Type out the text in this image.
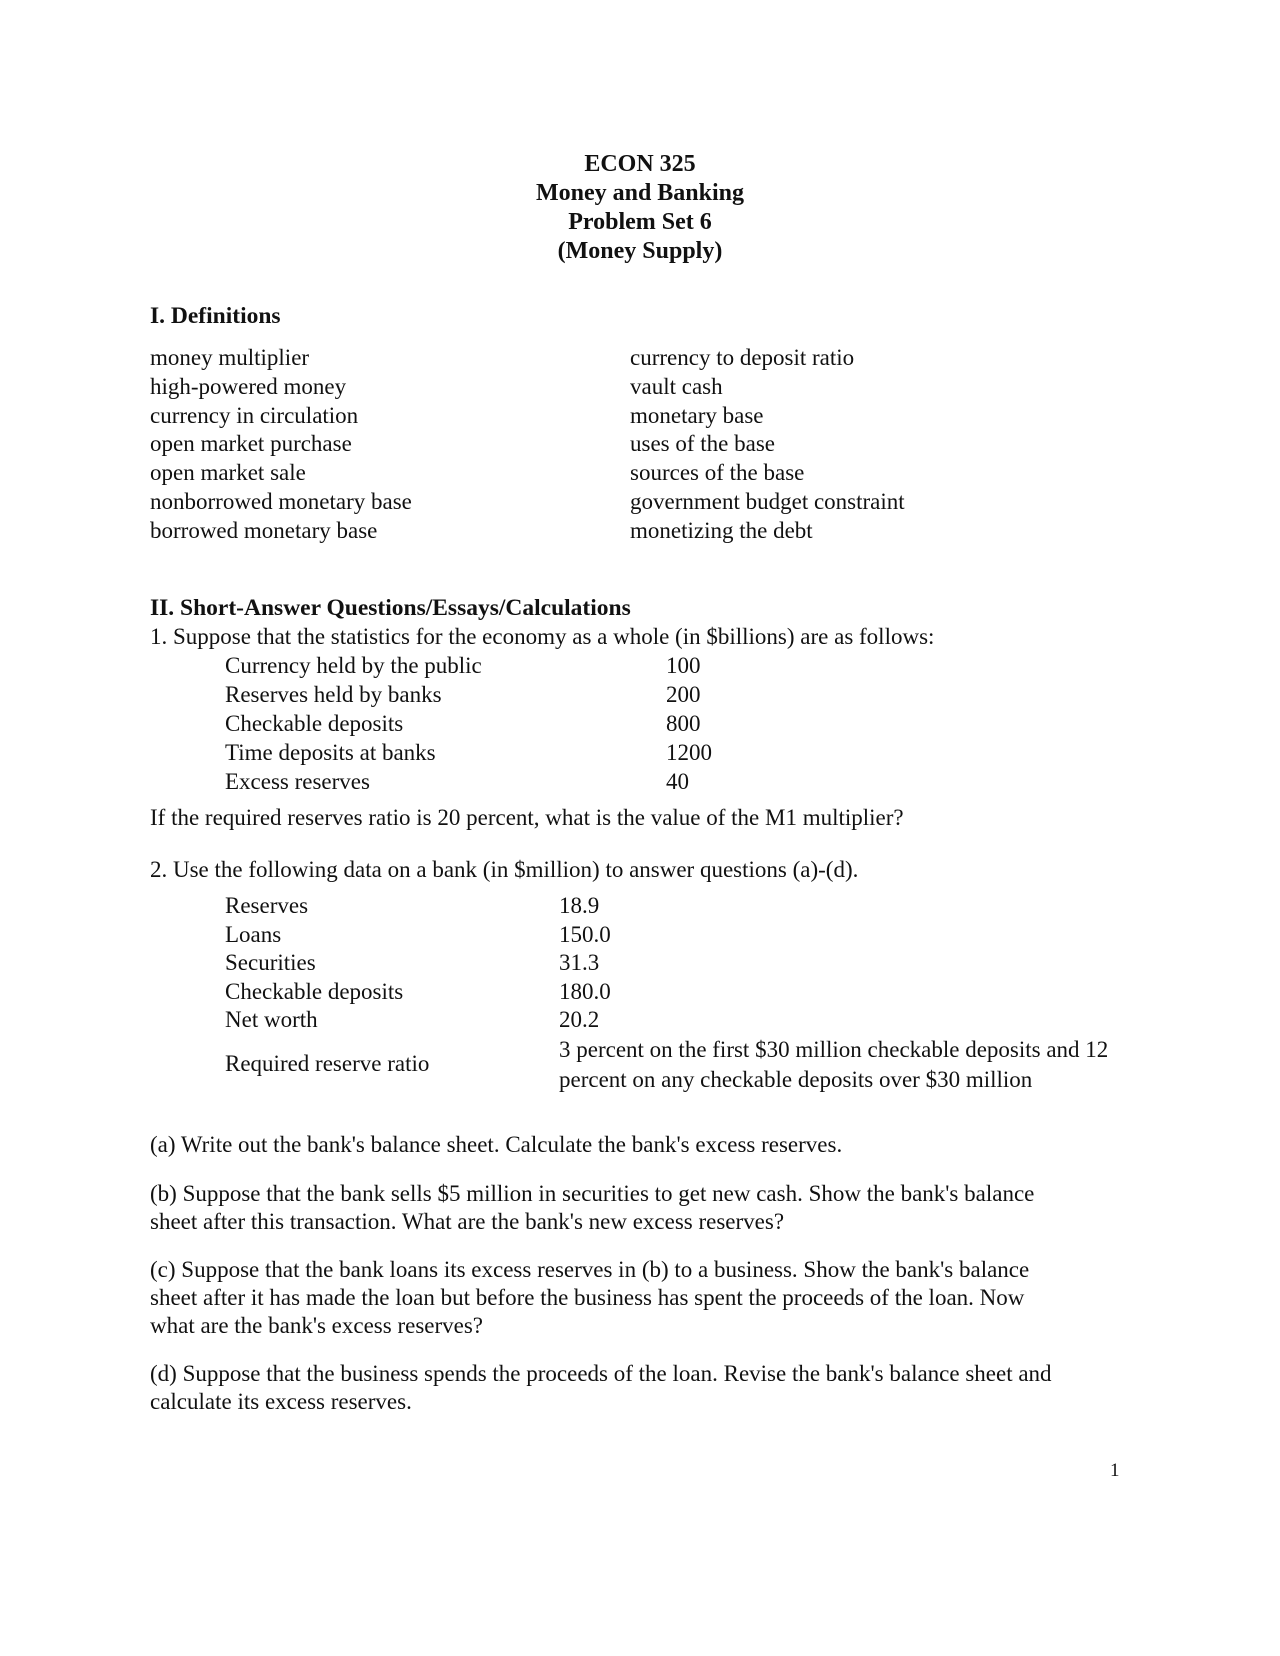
ECON 325
Money and Banking
Problem Set 6
(Money Supply)
I. Definitions
money multiplier
high-powered money
currency in circulation
open market purchase
open market sale
nonborrowed monetary base
borrowed monetary base
currency to deposit ratio
vault cash
monetary base
uses of the base
sources of the base
government budget constraint
monetizing the debt
II. Short-Answer Questions/Essays/Calculations
1. Suppose that the statistics for the economy as a whole (in $billions) are as follows:
Currency held by the public	100
Reserves held by banks	200
Checkable deposits	800
Time deposits at banks	1200
Excess reserves	40
If the required reserves ratio is 20 percent, what is the value of the M1 multiplier?
2. Use the following data on a bank (in $million) to answer questions (a)-(d).
Reserves	18.9
Loans	150.0
Securities	31.3
Checkable deposits	180.0
Net worth	20.2
Required reserve ratio
3 percent on the first $30 million checkable deposits and 12 percent on any checkable deposits over $30 million
(a) Write out the bank's balance sheet. Calculate the bank's excess reserves.
(b) Suppose that the bank sells $5 million in securities to get new cash. Show the bank's balance sheet after this transaction. What are the bank's new excess reserves?
(c) Suppose that the bank loans its excess reserves in (b) to a business. Show the bank's balance sheet after it has made the loan but before the business has spent the proceeds of the loan. Now what are the bank's excess reserves?
(d) Suppose that the business spends the proceeds of the loan. Revise the bank's balance sheet and calculate its excess reserves.
1
